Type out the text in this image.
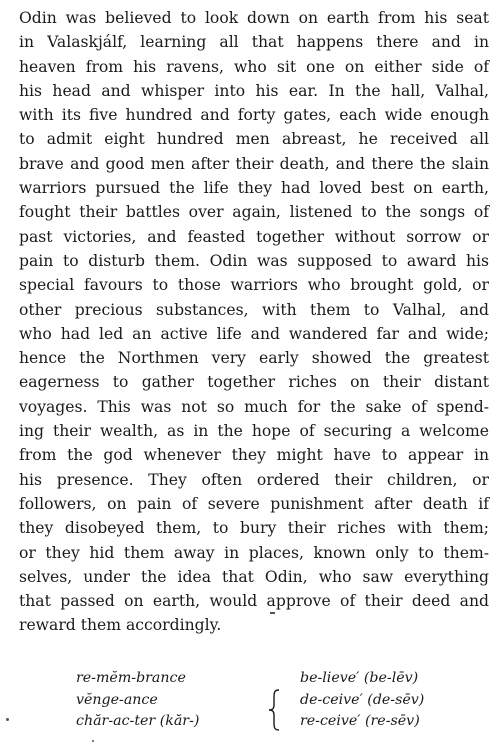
Odin was believed to look down on earth from his seat
in Valaskjálf, learning all that happens there and in
heaven from his ravens, who sit one on either side of
his head and whisper into his ear. In the hall, Valhal,
with its five hundred and forty gates, each wide enough
to admit eight hundred men abreast, he received all
brave and good men after their death, and there the slain
warriors pursued the life they had loved best on earth,
fought their battles over again, listened to the songs of
past victories, and feasted together without sorrow or
pain to disturb them. Odin was supposed to award his
special favours to those warriors who brought gold, or
other precious substances, with them to Valhal, and
who had led an active life and wandered far and wide;
hence the Northmen very early showed the greatest
eagerness to gather together riches on their distant
voyages. This was not so much for the sake of spend-
ing their wealth, as in the hope of securing a welcome
from the god whenever they might have to appear in
his presence. They often ordered their children, or
followers, on pain of severe punishment after death if
they disobeyed them, to bury their riches with them;
or they hid them away in places, known only to them-
selves, under the idea that Odin, who saw everything
that passed on earth, would approve of their deed and
reward them accordingly.
re-mĕm-brance
vĕnge-ance
chăr-ac-ter (kăr-)
be-lieve′ (be-lēv)
de-ceive′ (de-sēv)
re-ceive′ (re-sēv)
